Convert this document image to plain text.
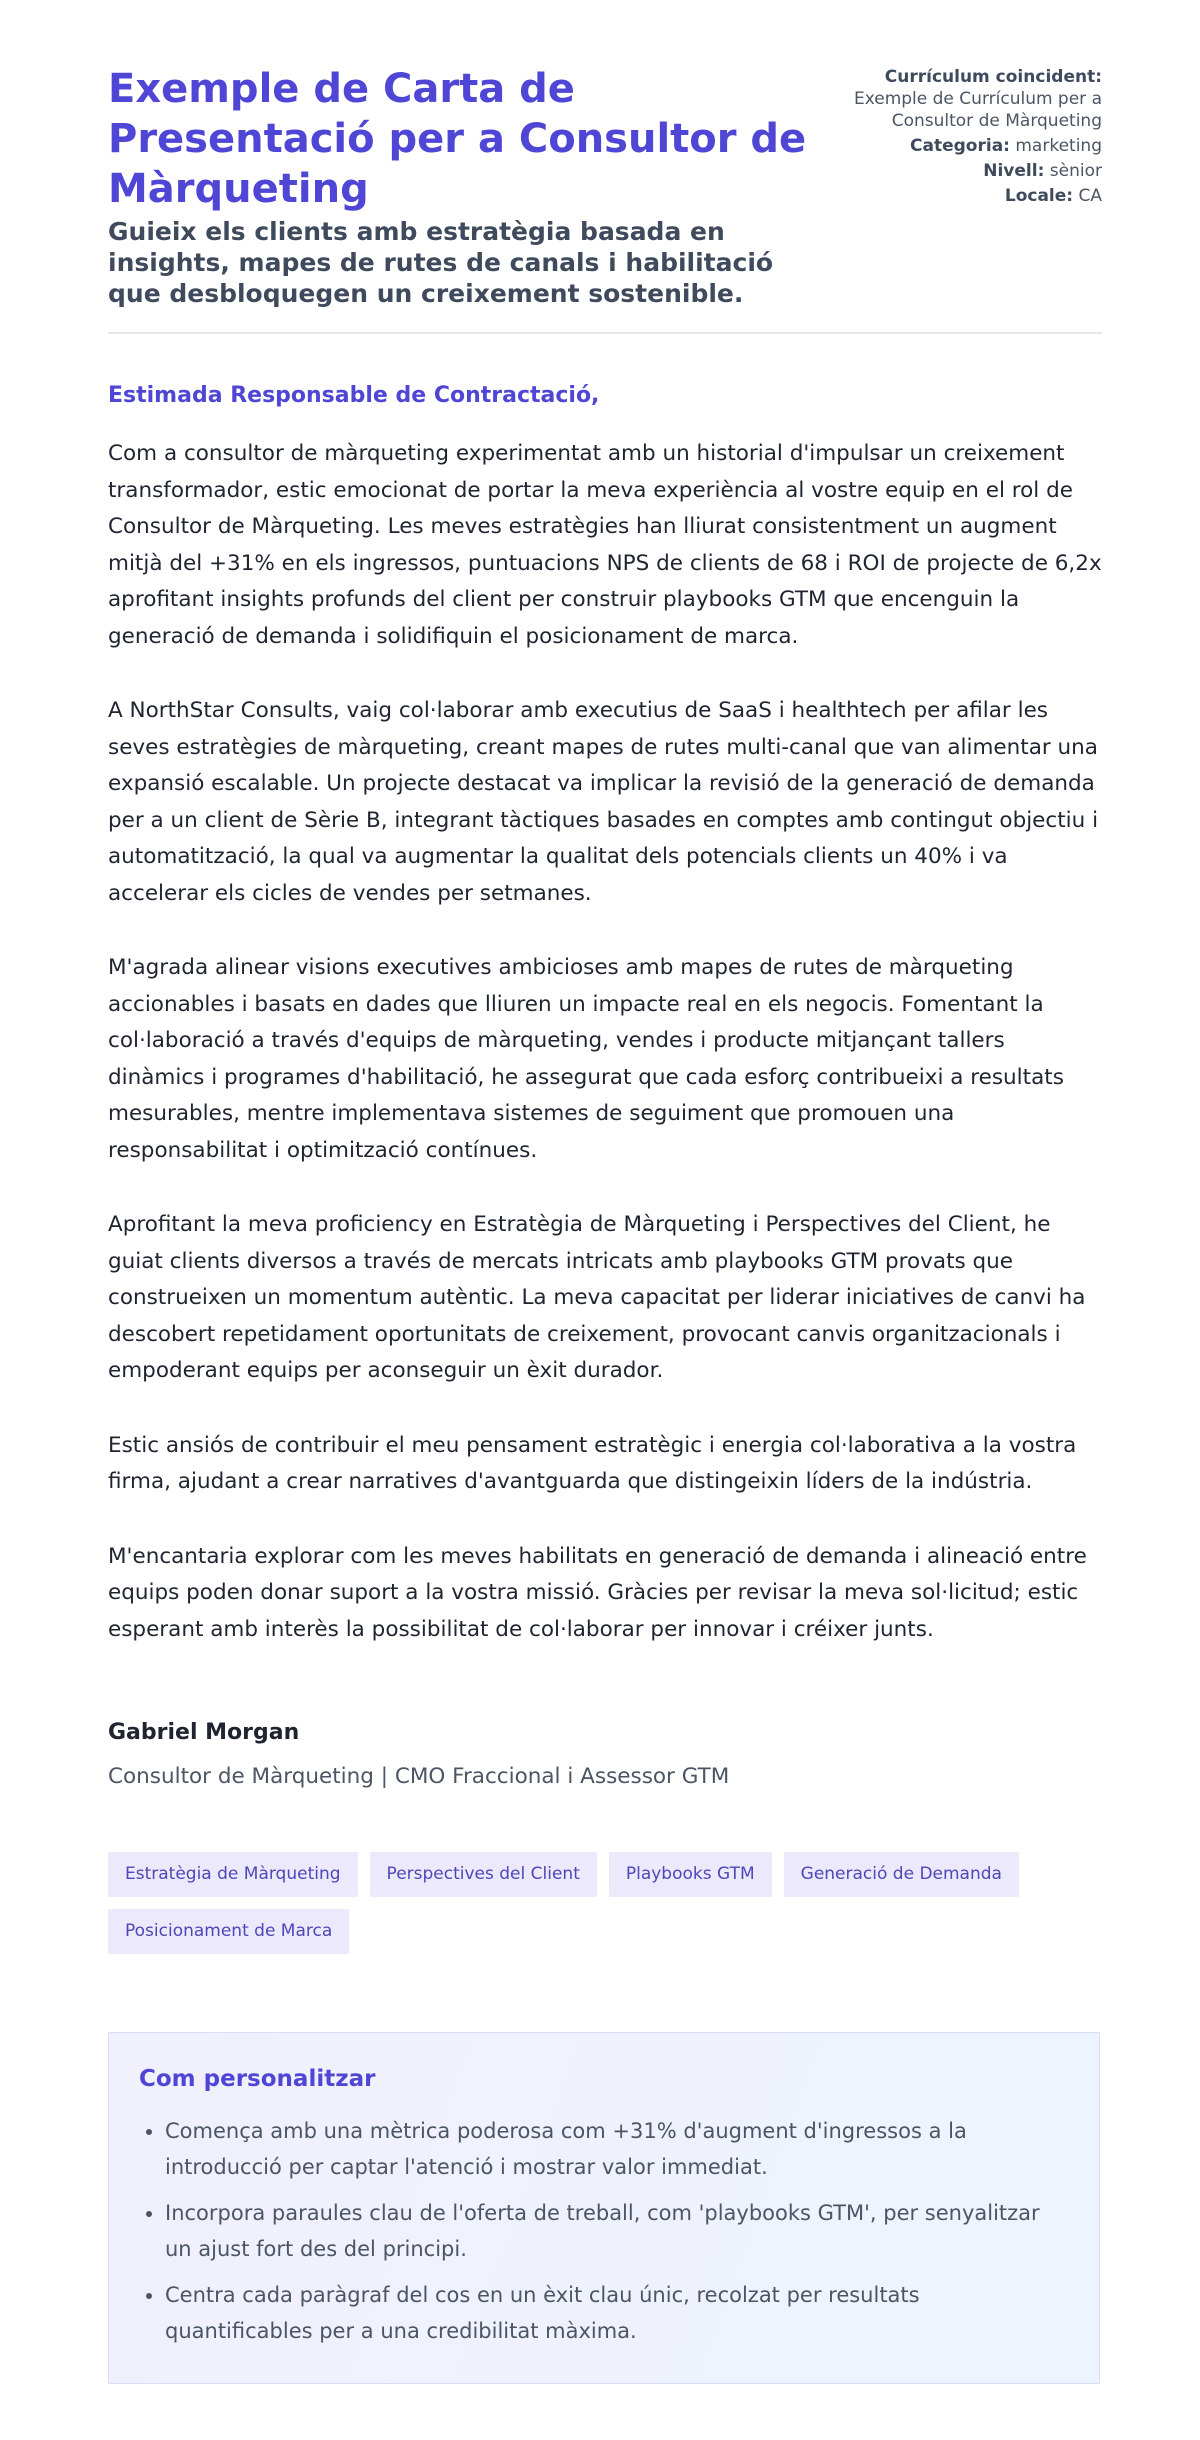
Exemple de Carta de Presentació per a Consultor de Màrqueting
Guieix els clients amb estratègia basada en insights, mapes de rutes de canals i habilitació que desbloquegen un creixement sostenible.
Currículum coincident:
Exemple de Currículum per a Consultor de Màrqueting
Categoria: marketing
Nivell: sènior
Locale: CA

Estimada Responsable de Contractació,

Com a consultor de màrqueting experimentat amb un historial d'impulsar un creixement transformador, estic emocionat de portar la meva experiència al vostre equip en el rol de Consultor de Màrqueting. Les meves estratègies han lliurat consistentment un augment mitjà del +31% en els ingressos, puntuacions NPS de clients de 68 i ROI de projecte de 6,2x aprofitant insights profunds del client per construir playbooks GTM que encenguin la generació de demanda i solidifiquin el posicionament de marca.

A NorthStar Consults, vaig col·laborar amb executius de SaaS i healthtech per afilar les seves estratègies de màrqueting, creant mapes de rutes multi-canal que van alimentar una expansió escalable. Un projecte destacat va implicar la revisió de la generació de demanda per a un client de Sèrie B, integrant tàctiques basades en comptes amb contingut objectiu i automatització, la qual va augmentar la qualitat dels potencials clients un 40% i va accelerar els cicles de vendes per setmanes.

M'agrada alinear visions executives ambicioses amb mapes de rutes de màrqueting accionables i basats en dades que lliuren un impacte real en els negocis. Fomentant la col·laboració a través d'equips de màrqueting, vendes i producte mitjançant tallers dinàmics i programes d'habilitació, he assegurat que cada esforç contribueixi a resultats mesurables, mentre implementava sistemes de seguiment que promouen una responsabilitat i optimització contínues.

Aprofitant la meva proficiency en Estratègia de Màrqueting i Perspectives del Client, he guiat clients diversos a través de mercats intricats amb playbooks GTM provats que construeixen un momentum autèntic. La meva capacitat per liderar iniciatives de canvi ha descobert repetidament oportunitats de creixement, provocant canvis organitzacionals i empoderant equips per aconseguir un èxit durador.

Estic ansiós de contribuir el meu pensament estratègic i energia col·laborativa a la vostra firma, ajudant a crear narratives d'avantguarda que distingeixin líders de la indústria.

M'encantaria explorar com les meves habilitats en generació de demanda i alineació entre equips poden donar suport a la vostra missió. Gràcies per revisar la meva sol·licitud; estic esperant amb interès la possibilitat de col·laborar per innovar i créixer junts.

Gabriel Morgan

Consultor de Màrqueting | CMO Fraccional i Assessor GTM

Estratègia de Màrqueting	Perspectives del Client	Playbooks GTM	Generació de Demanda
Posicionament de Marca
Com personalitzar
• Comença amb una mètrica poderosa com +31% d'augment d'ingressos a la introducció per captar l'atenció i mostrar valor immediat.
• Incorpora paraules clau de l'oferta de treball, com 'playbooks GTM', per senyalitzar un ajust fort des del principi.
• Centra cada paràgraf del cos en un èxit clau únic, recolzat per resultats quantificables per a una credibilitat màxima.
